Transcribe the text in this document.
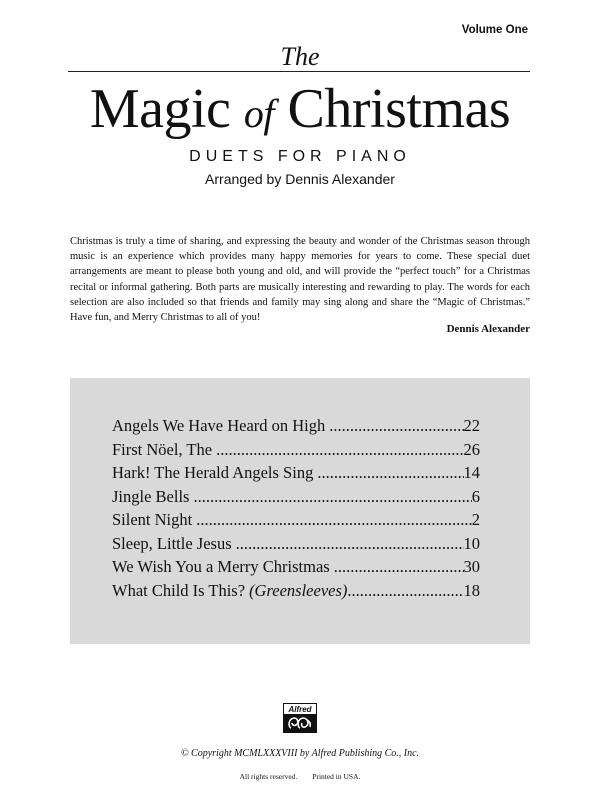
Volume One
The
Magic of Christmas
DUETS FOR PIANO
Arranged by Dennis Alexander

Christmas is truly a time of sharing, and expressing the beauty and wonder of the Christmas season through music is an experience which provides many happy memories for years to come. These special duet arrangements are meant to please both young and old, and will provide the “perfect touch” for a Christmas recital or informal gathering. Both parts are musically interesting and rewarding to play. The words for each selection are also included so that friends and family may sing along and share the “Magic of Christmas.” Have fun, and Merry Christmas to all of you!

Dennis Alexander
Angels We Have Heard on High .....	22
First Nöel, The .....	26
Hark! The Herald Angels Sing .....	14
Jingle Bells .....	6
Silent Night .....	2
Sleep, Little Jesus .....	10
We Wish You a Merry Christmas .....	30
What Child Is This? (Greensleeves) .....	18
Alfred
© Copyright MCMLXXXVIII by Alfred Publishing Co., Inc.
All rights reserved.  Printed in USA.
